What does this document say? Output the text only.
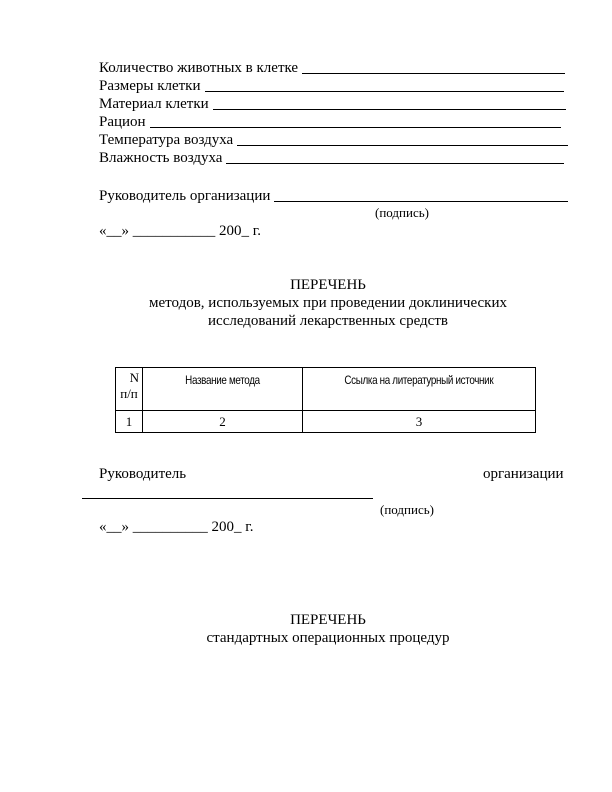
Количество животных в клетке
Размеры клетки
Материал клетки
Рацион
Температура воздуха
Влажность воздуха
Руководитель организации
(подпись)
«__» ___________ 200_ г.
ПЕРЕЧЕНЬ
методов, используемых при проведении доклинических
исследований лекарственных средств
N
п/п	Название метода	Ссылка на литературный источник
1	2	3
Руководитель	организации
(подпись)
«__» __________ 200_ г.
ПЕРЕЧЕНЬ
стандартных операционных процедур
